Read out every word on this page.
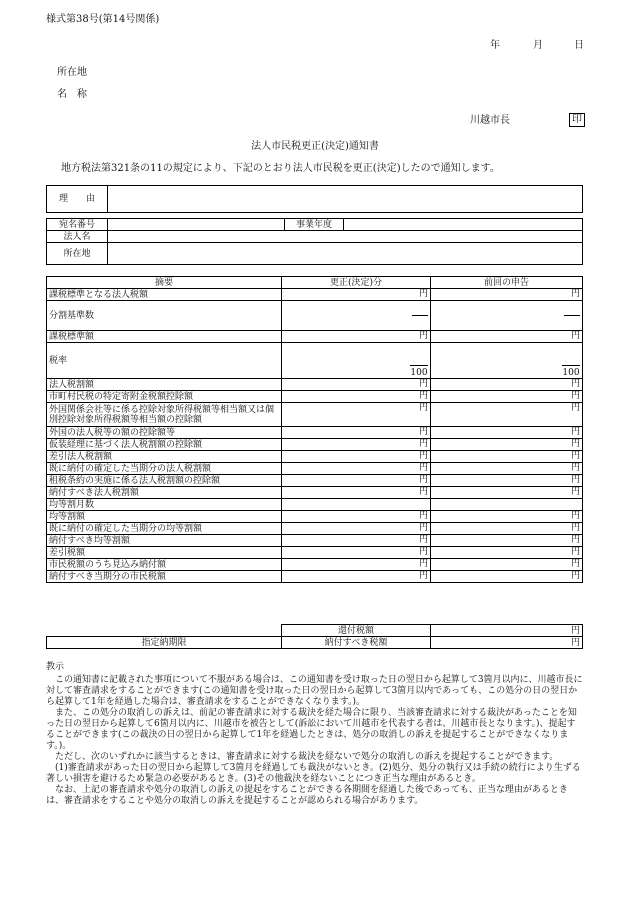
様式第38号(第14号関係)
年	月	日
所在地
名　称
川越市長	印
法人市民税更正(決定)通知書
地方税法第321条の11の規定により、下記のとおり法人市民税を更正(決定)したので通知します。
理　　由	
宛名番号		事業年度	
法人名			
所在地			
摘要	更正(決定)分	前回の申告
課税標準となる法人税額	円	円
分割基準数		
課税標準額	円	円
税率	100	100

法人税割額	円	円
市町村民税の特定寄附金税額控除額	円	円
外国関係会社等に係る控除対象所得税額等相当額又は個別控除対象所得税額等相当額の控除額	円	円
外国の法人税等の額の控除額等	円	円
仮装経理に基づく法人税割額の控除額	円	円
差引法人税割額	円	円
既に納付の確定した当期分の法人税割額	円	円
租税条約の実施に係る法人税割額の控除額	円	円
納付すべき法人税割額	円	円
均等割月数		
均等割額	円	円
既に納付の確定した当期分の均等割額	円	円
納付すべき均等割額	円	円
差引税額	円	円
市民税額のうち見込み納付額	円	円
納付すべき当期分の市民税額	円	円
	還付税額	円
指定納期限	納付すべき税額	円

教示

この通知書に記載された事項について不服がある場合は、この通知書を受け取った日の翌日から起算して3箇月以内に、川越市長に対して審査請求をすることができます(この通知書を受け取った日の翌日から起算して3箇月以内であっても、この処分の日の翌日から起算して1年を経過した場合は、審査請求をすることができなくなります。)。

また、この処分の取消しの訴えは、前記の審査請求に対する裁決を経た場合に限り、当該審査請求に対する裁決があったことを知った日の翌日から起算して6箇月以内に、川越市を被告として(訴訟において川越市を代表する者は、川越市長となります。)、提起することができます(この裁決の日の翌日から起算して1年を経過したときは、処分の取消しの訴えを提起することができなくなります。)。

ただし、次のいずれかに該当するときは、審査請求に対する裁決を経ないで処分の取消しの訴えを提起することができます。

(1)審査請求があった日の翌日から起算して3箇月を経過しても裁決がないとき。(2)処分、処分の執行又は手続の続行により生ずる著しい損害を避けるため緊急の必要があるとき。(3)その他裁決を経ないことにつき正当な理由があるとき。

なお、上記の審査請求や処分の取消しの訴えの提起をすることができる各期間を経過した後であっても、正当な理由があるときは、審査請求をすることや処分の取消しの訴えを提起することが認められる場合があります。
